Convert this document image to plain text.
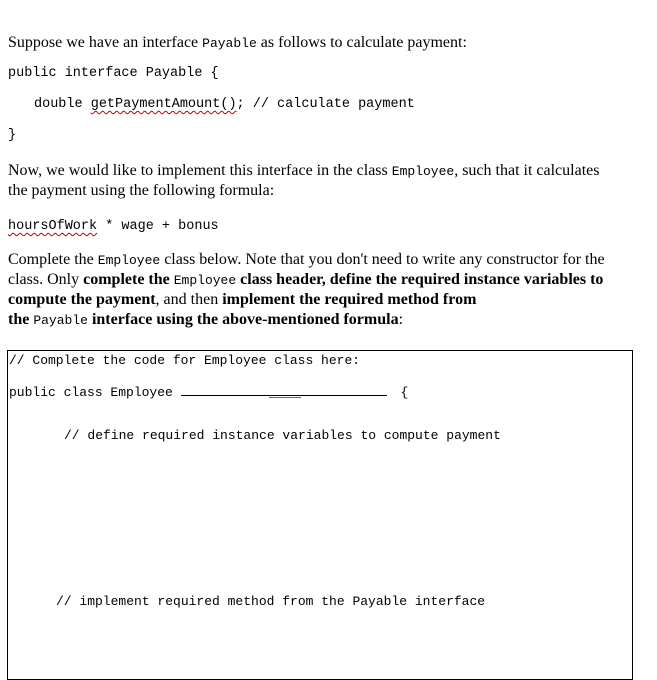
Suppose we have an interface Payable as follows to calculate payment:
public interface Payable {
double getPaymentAmount(); // calculate payment
}
Now, we would like to implement this interface in the class Employee, such that it calculates
the payment using the following formula:
hoursOfWork * wage + bonus
Complete the Employee class below. Note that you don't need to write any constructor for the
class. Only complete the Employee class header, define the required instance variables to
compute the payment, and then implement the required method from
the Payable interface using the above-mentioned formula:
// Complete the code for Employee class here:
public class Employee	{
// define required instance variables to compute payment
// implement required method from the Payable interface
